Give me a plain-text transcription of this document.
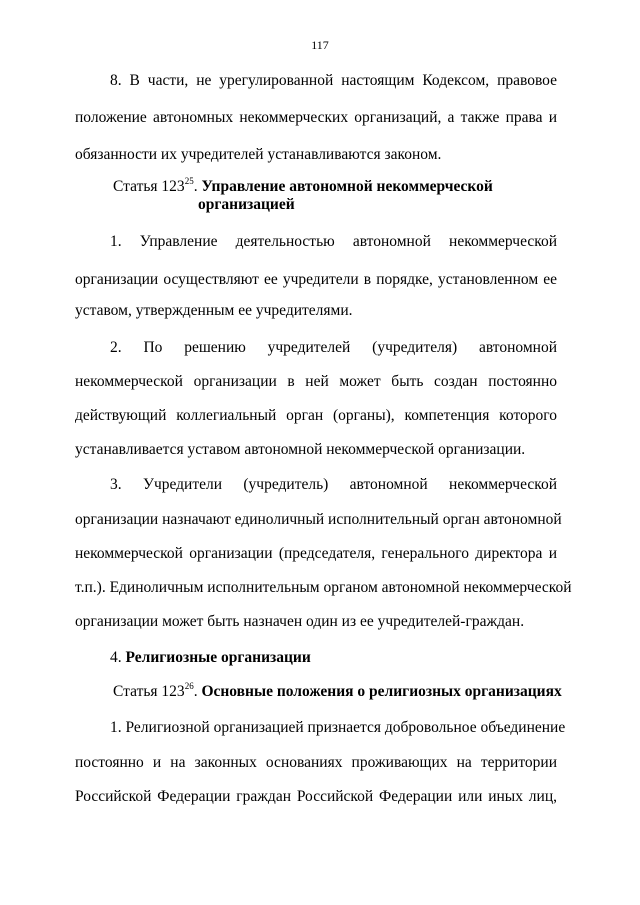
117
8. В части, не урегулированной настоящим Кодексом, правовое
положение автономных некоммерческих организаций, а также права и
обязанности их учредителей устанавливаются законом.
Статья $123^{25}$. Управление автономной некоммерческой
организацией
1. Управление деятельностью автономной некоммерческой
организации осуществляют ее учредители в порядке, установленном ее
уставом, утвержденным ее учредителями.
2. По решению учредителей (учредителя) автономной
некоммерческой организации в ней может быть создан постоянно
действующий коллегиальный орган (органы), компетенция которого
устанавливается уставом автономной некоммерческой организации.
3. Учредители (учредитель) автономной некоммерческой
организации назначают единоличный исполнительный орган автономной
некоммерческой организации (председателя, генерального директора и
т.п.). Единоличным исполнительным органом автономной некоммерческой
организации может быть назначен один из ее учредителей-граждан.
4. Религиозные организации
Статья $123^{26}$. Основные положения о религиозных организациях
1. Религиозной организацией признается добровольное объединение
постоянно и на законных основаниях проживающих на территории
Российской Федерации граждан Российской Федерации или иных лиц,
